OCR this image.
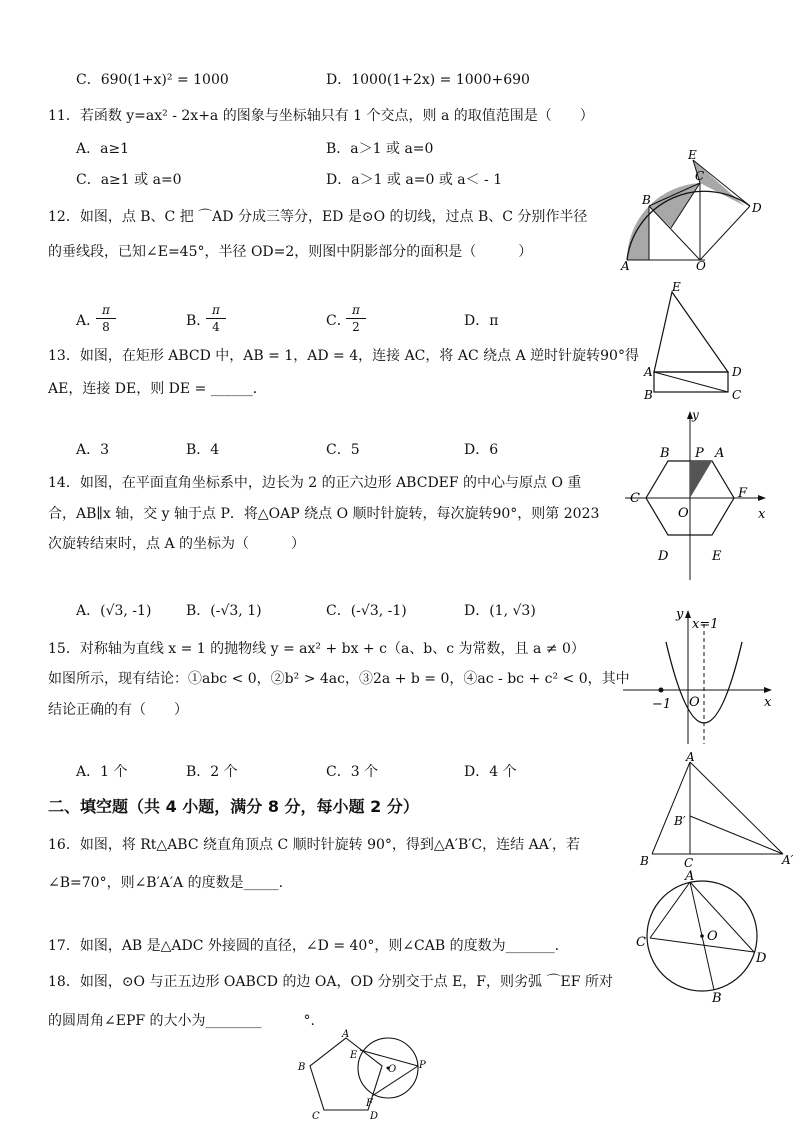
C．690(1+x)² = 1000	D．1000(1+2x) = 1000+690
11．若函数 y=ax² - 2x+a 的图象与坐标轴只有 1 个交点，则 a 的取值范围是（　　）
A．a≥1	B．a＞1 或 a=0
C．a≥1 或 a=0	D．a＞1 或 a=0 或 a＜ - 1
12．如图，点 B、C 把 ⌒AD 分成三等分，ED 是⊙O 的切线，过点 B、C 分别作半径
的垂线段，已知∠E=45°，半径 OD=2，则图中阴影部分的面积是（　　　）
A．
$\frac{\pi}{8}$	B．
$\frac{\pi}{4}$	C．
$\frac{\pi}{2}$	D．π
13．如图，在矩形 ABCD 中，AB = 1，AD = 4，连接 AC，将 AC 绕点 A 逆时针旋转90°得
AE，连接 DE，则 DE = ______．
A．3	B．4	C．5	D．6
14．如图，在平面直角坐标系中，边长为 2 的正六边形 ABCDEF 的中心与原点 O 重
合，AB∥x 轴，交 y 轴于点 P．将△OAP 绕点 O 顺时针旋转，每次旋转90°，则第 2023
次旋转结束时，点 A 的坐标为（　　　）
A．(√3, -1) B．(-√3, 1)	C．(-√3, -1)	D．(1, √3)
15．对称轴为直线 x = 1 的抛物线 y = ax² + bx + c（a、b、c 为常数，且 a ≠ 0）
如图所示，现有结论：①abc < 0，②b² > 4ac，③2a + b = 0，④ac - bc + c² < 0，其中
结论正确的有（　　）
A．1 个	B．2 个	C．3 个	D．4 个
二、填空题（共 4 小题，满分 8 分，每小题 2 分）
16．如图，将 Rt△ABC 绕直角顶点 C 顺时针旋转 90°，得到△A′B′C，连结 AA′，若
∠B=70°，则∠B′A′A 的度数是_____.
17．如图，AB 是△ADC 外接圆的直径，∠D = 40°，则∠CAB 的度数为_______.
18．如图，⊙O 与正五边形 OABCD 的边 OA，OD 分别交于点 E，F，则劣弧 ⌒EF 所对
的圆周角∠EPF 的大小为________　　　°.
E
C
B
D
A	O
E
A	D
B	C
y
B P A
C	F
O	x
D	E
y
x=1
−1 O	x
A
B′
B	C	A′
A
C	O
D
B
A
B
E
O P
F
C	D
